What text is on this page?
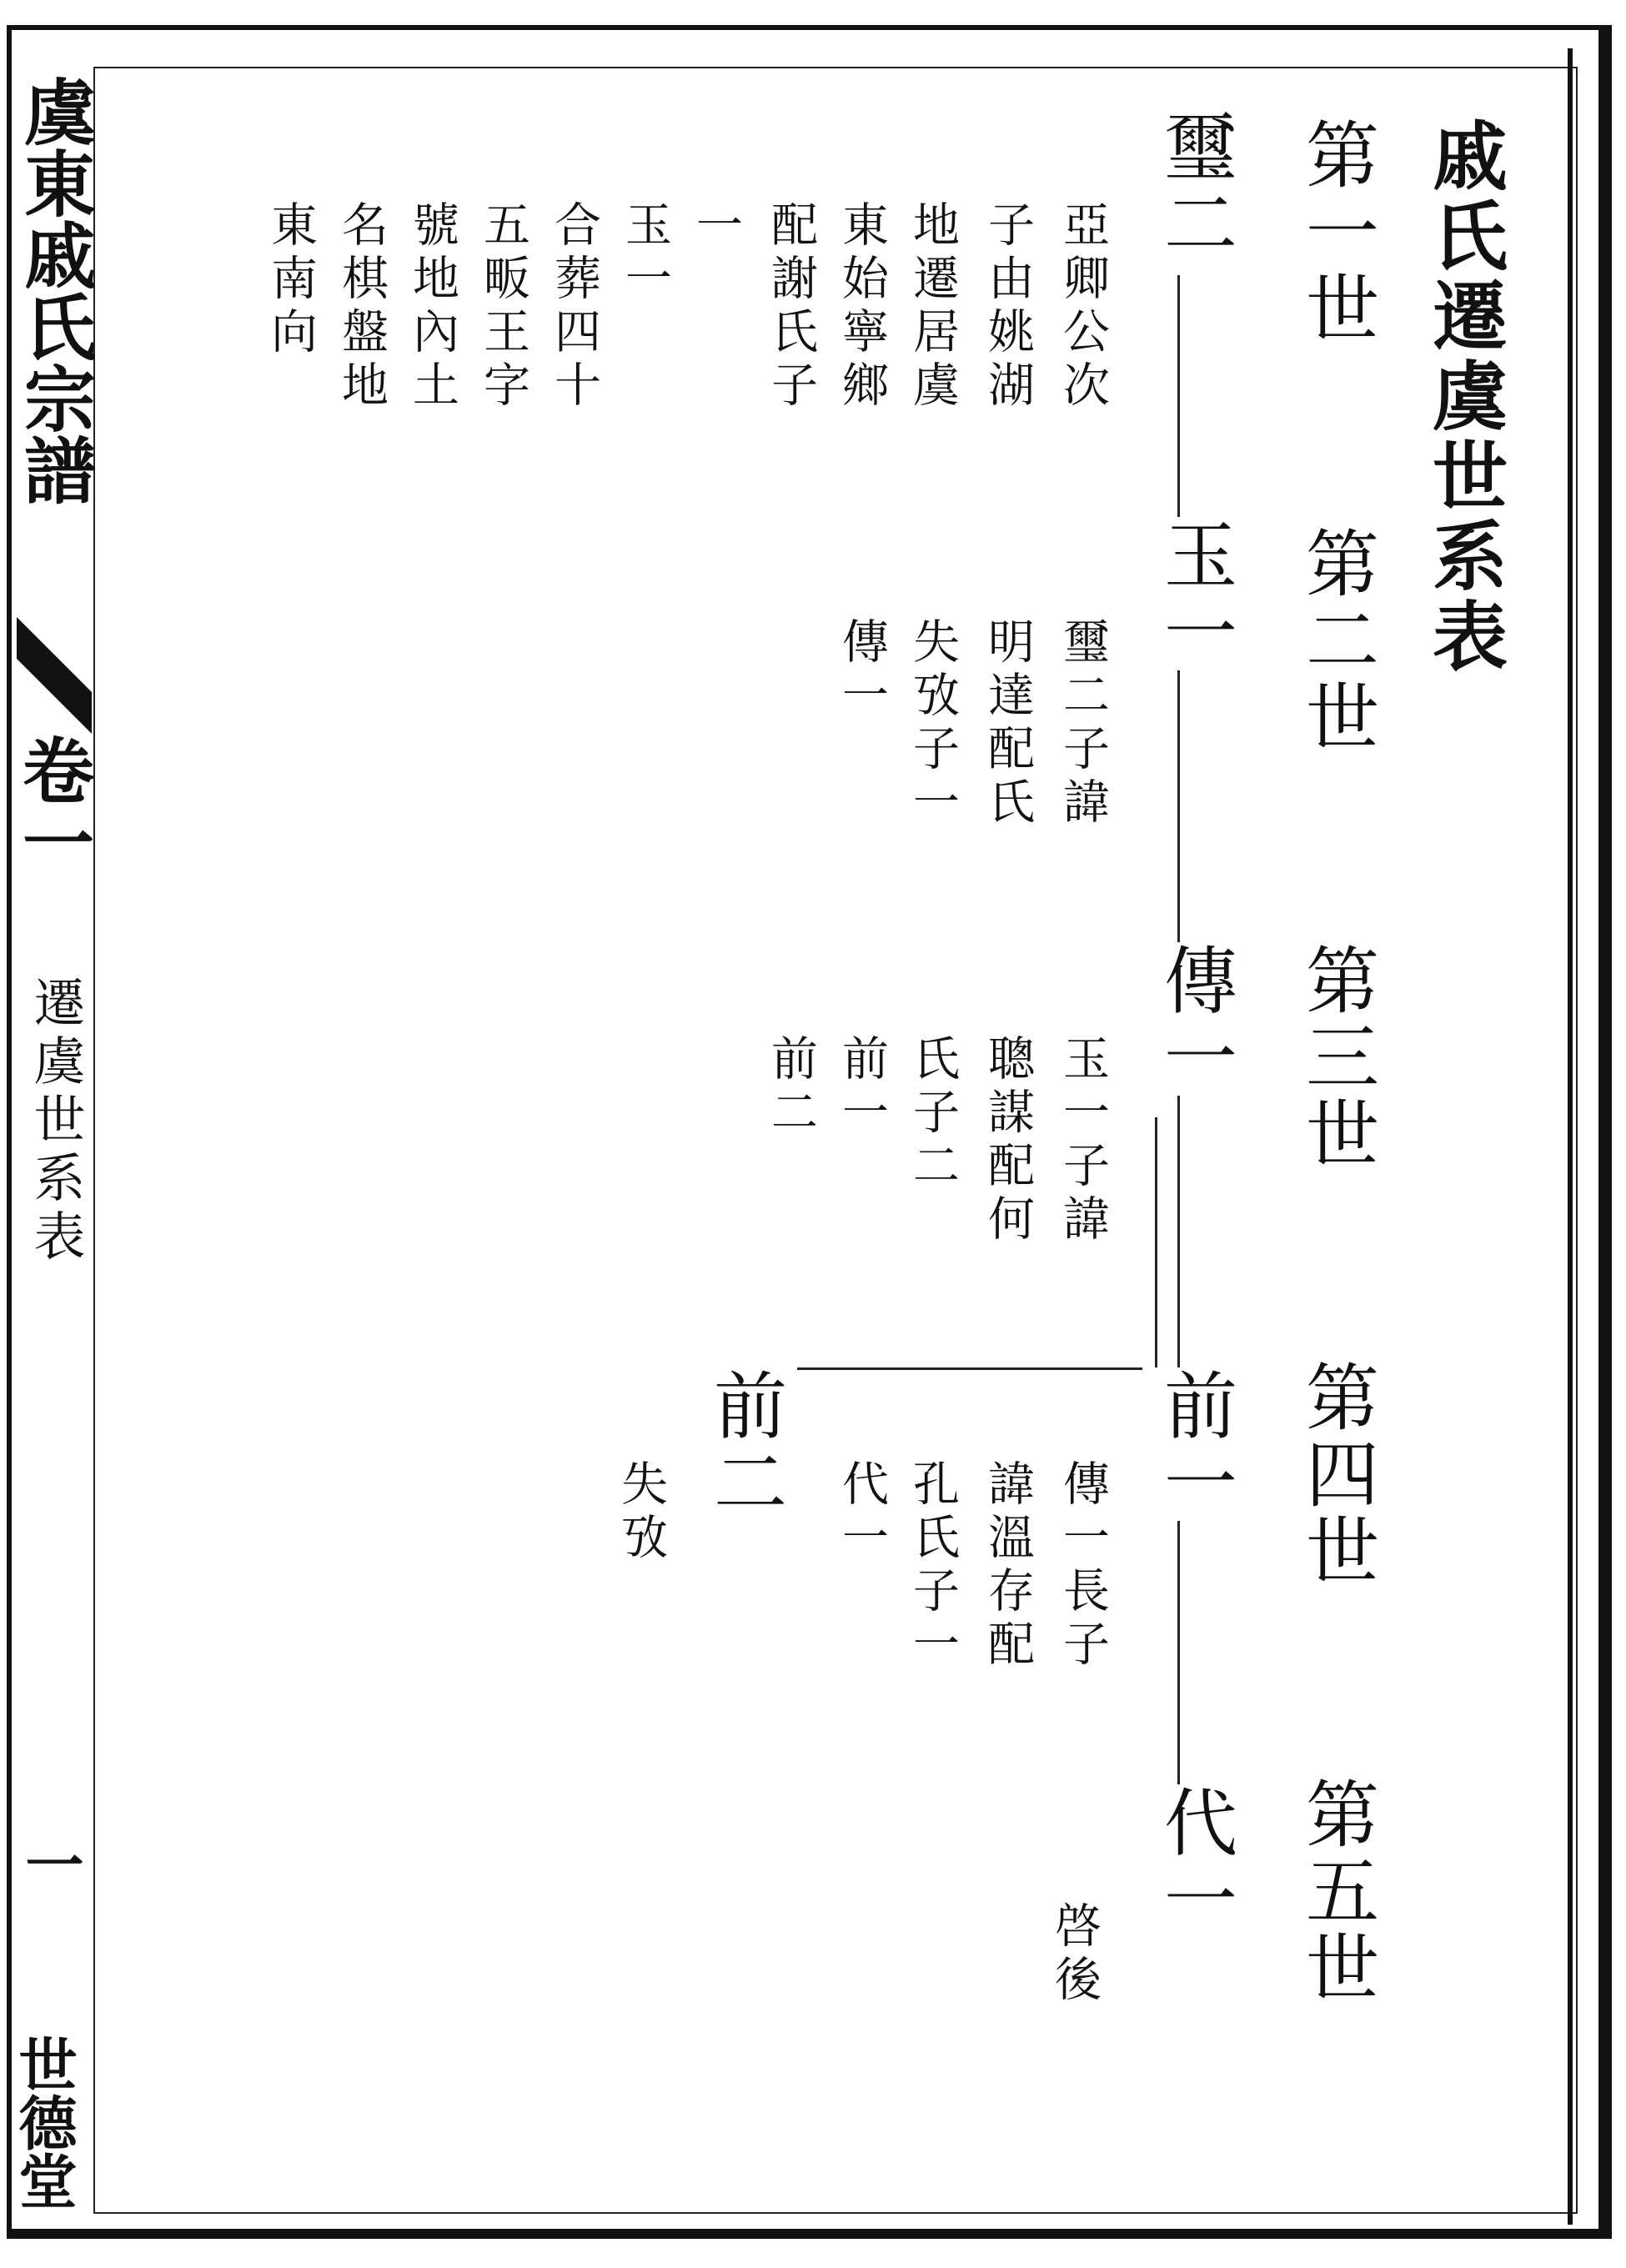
虞東戚氏宗譜
卷一
遷虞世系表
一
世德堂
戚氏遷虞世系表
第一世
第二世
第三世
第四世
第五世
璽二
亞卿公次
子由姚湖
地遷居虞
東始寧鄉
配謝氏子
一
玉一
合葬四十
五畈王字
號地內土
名棋盤地
東南向
玉一
璽二子諱
明達配氏
失攷子一
傳一
傳一
玉一子諱
聰謀配何
氏子二
前一
前二
前一
傳一長子
諱溫存配
孔氏子一
代一
前二
失攷
代一
啓後
